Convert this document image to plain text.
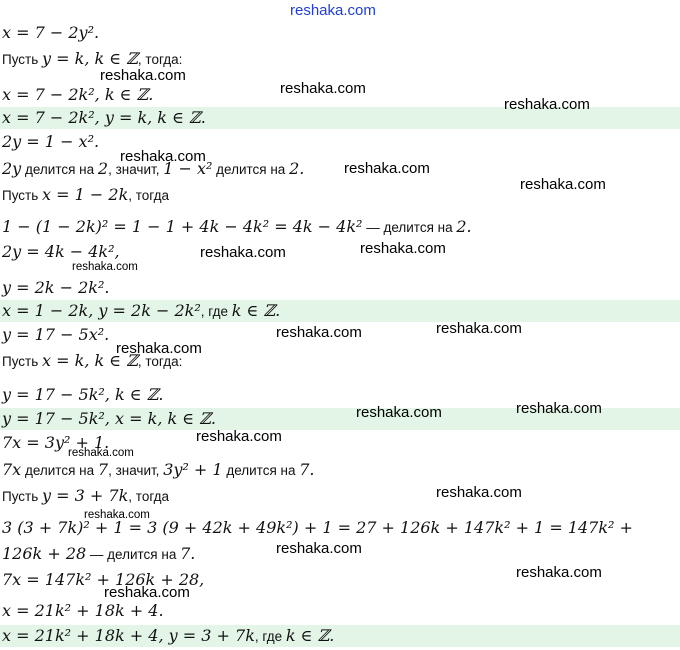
x = 7 − 2y².
Пусть y = k, k ∈ ℤ, тогда:
x = 7 − 2k², k ∈ ℤ.
x = 7 − 2k², y = k, k ∈ ℤ.
2y = 1 − x².
2y делится на 2, значит, 1 − x² делится на 2.
Пусть x = 1 − 2k, тогда
1 − (1 − 2k)² = 1 − 1 + 4k − 4k² = 4k − 4k² — делится на 2.
2y = 4k − 4k²,
y = 2k − 2k².
x = 1 − 2k, y = 2k − 2k², где k ∈ ℤ.
y = 17 − 5x².
Пусть x = k, k ∈ ℤ, тогда:
y = 17 − 5k², k ∈ ℤ.
y = 17 − 5k², x = k, k ∈ ℤ.
7x = 3y² + 1.
7x делится на 7, значит, 3y² + 1 делится на 7.
Пусть y = 3 + 7k, тогда
3 (3 + 7k)² + 1 = 3 (9 + 42k + 49k²) + 1 = 27 + 126k + 147k² + 1 = 147k² +
126k + 28 — делится на 7.
7x = 147k² + 126k + 28,
x = 21k² + 18k + 4.
x = 21k² + 18k + 4, y = 3 + 7k, где k ∈ ℤ.
reshaka.com
reshaka.com
reshaka.com
reshaka.com
reshaka.com
reshaka.com
reshaka.com
reshaka.com
reshaka.com
reshaka.com
reshaka.com
reshaka.com
reshaka.com
reshaka.com
reshaka.com
reshaka.com
reshaka.com
reshaka.com
reshaka.com
reshaka.com
reshaka.com
reshaka.com
